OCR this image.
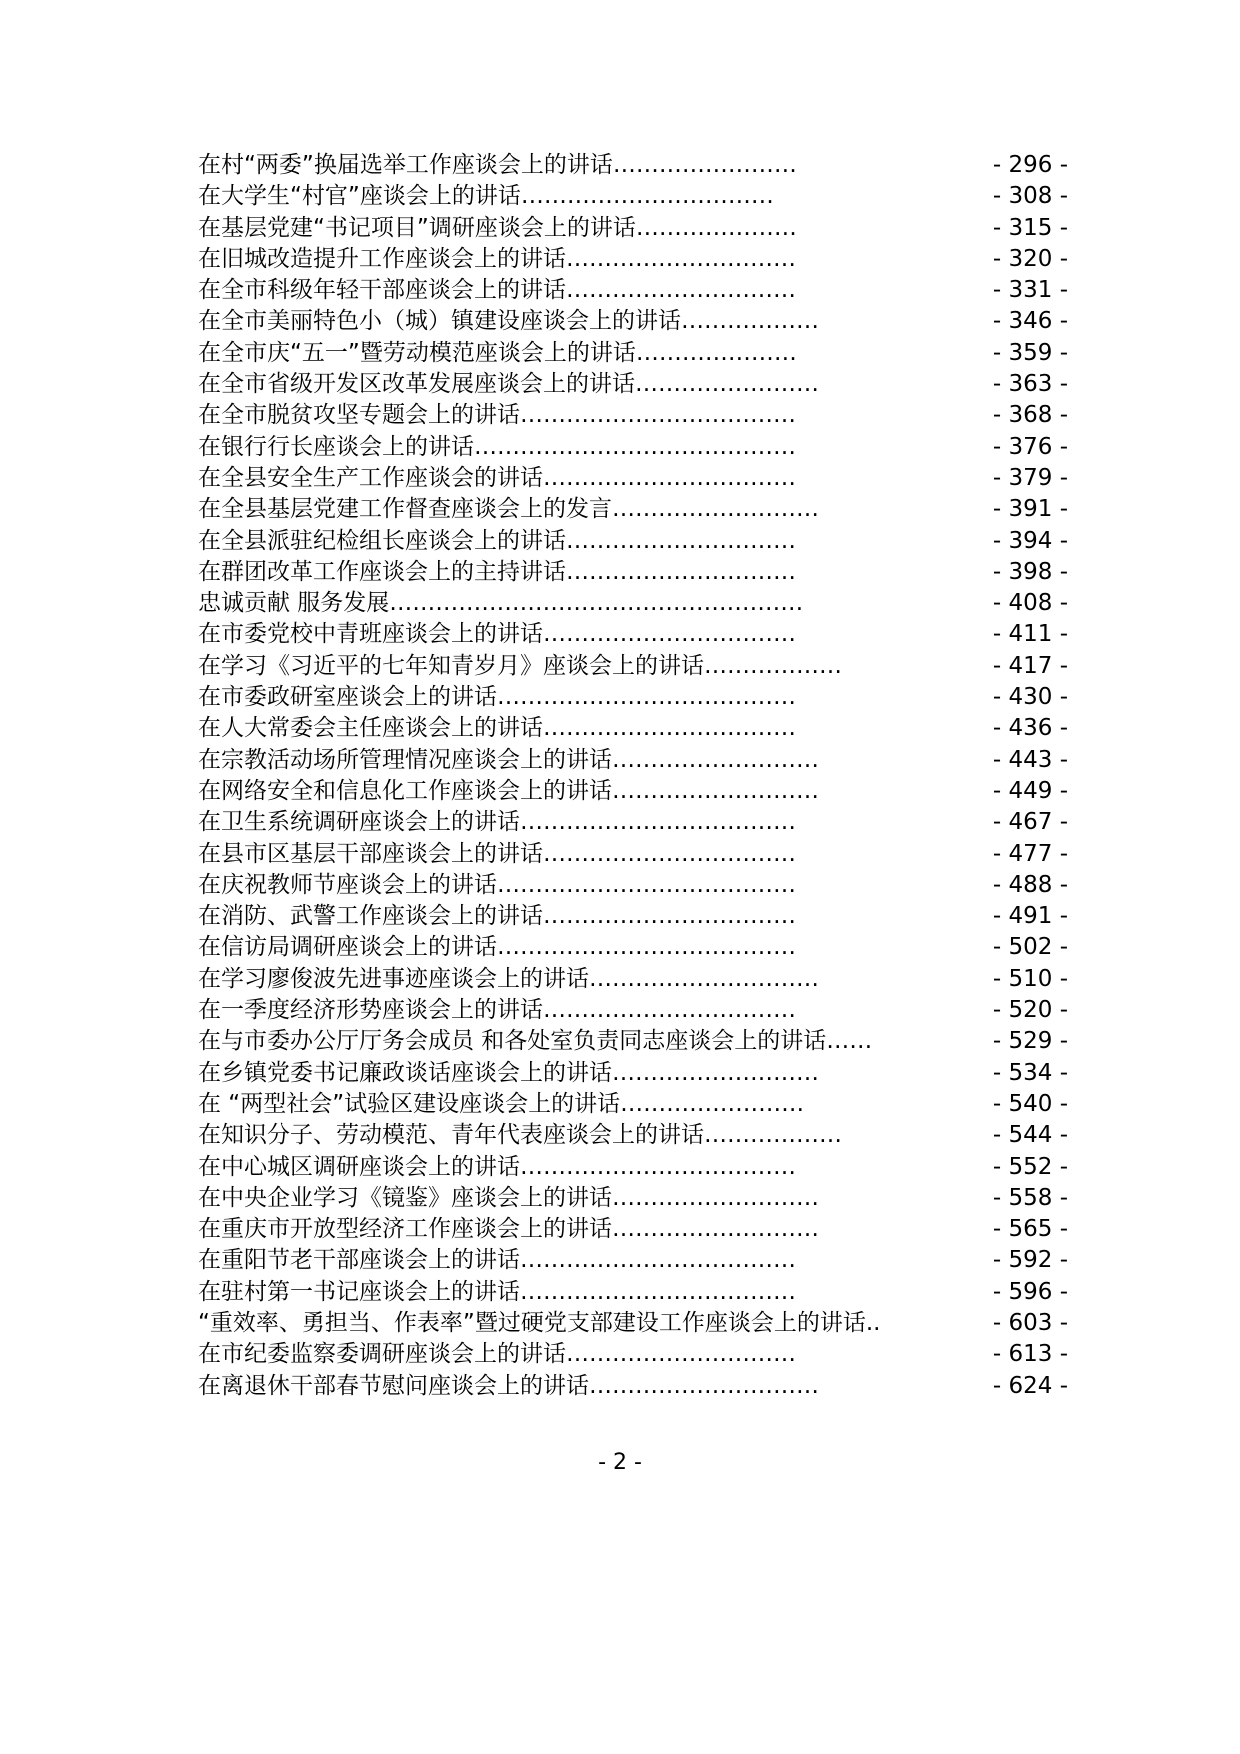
在村“两委”换届选举工作座谈会上的讲话……………………	- 296 -
在大学生“村官”座谈会上的讲话……………………………	- 308 -
在基层党建“书记项目”调研座谈会上的讲话…………………	- 315 -
在旧城改造提升工作座谈会上的讲话…………………………	- 320 -
在全市科级年轻干部座谈会上的讲话…………………………	- 331 -
在全市美丽特色小（城）镇建设座谈会上的讲话………………	- 346 -
在全市庆“五一”暨劳动模范座谈会上的讲话…………………	- 359 -
在全市省级开发区改革发展座谈会上的讲话……………………	- 363 -
在全市脱贫攻坚专题会上的讲话………………………………	- 368 -
在银行行长座谈会上的讲话……………………………………	- 376 -
在全县安全生产工作座谈会的讲话……………………………	- 379 -
在全县基层党建工作督查座谈会上的发言………………………	- 391 -
在全县派驻纪检组长座谈会上的讲话…………………………	- 394 -
在群团改革工作座谈会上的主持讲话…………………………	- 398 -
忠诚贡献 服务发展………………………………………………	- 408 -
在市委党校中青班座谈会上的讲话……………………………	- 411 -
在学习《习近平的七年知青岁月》座谈会上的讲话………………	- 417 -
在市委政研室座谈会上的讲话…………………………………	- 430 -
在人大常委会主任座谈会上的讲话……………………………	- 436 -
在宗教活动场所管理情况座谈会上的讲话………………………	- 443 -
在网络安全和信息化工作座谈会上的讲话………………………	- 449 -
在卫生系统调研座谈会上的讲话………………………………	- 467 -
在县市区基层干部座谈会上的讲话……………………………	- 477 -
在庆祝教师节座谈会上的讲话…………………………………	- 488 -
在消防、武警工作座谈会上的讲话……………………………	- 491 -
在信访局调研座谈会上的讲话…………………………………	- 502 -
在学习廖俊波先进事迹座谈会上的讲话…………………………	- 510 -
在一季度经济形势座谈会上的讲话……………………………	- 520 -
在与市委办公厅厅务会成员 和各处室负责同志座谈会上的讲话……	- 529 -
在乡镇党委书记廉政谈话座谈会上的讲话………………………	- 534 -
在 “两型社会”试验区建设座谈会上的讲话……………………	- 540 -
在知识分子、劳动模范、青年代表座谈会上的讲话………………	- 544 -
在中心城区调研座谈会上的讲话………………………………	- 552 -
在中央企业学习《镜鉴》座谈会上的讲话………………………	- 558 -
在重庆市开放型经济工作座谈会上的讲话………………………	- 565 -
在重阳节老干部座谈会上的讲话………………………………	- 592 -
在驻村第一书记座谈会上的讲话………………………………	- 596 -
“重效率、勇担当、作表率”暨过硬党支部建设工作座谈会上的讲话..	- 603 -
在市纪委监察委调研座谈会上的讲话…………………………	- 613 -
在离退休干部春节慰问座谈会上的讲话…………………………	- 624 -
- 2 -
